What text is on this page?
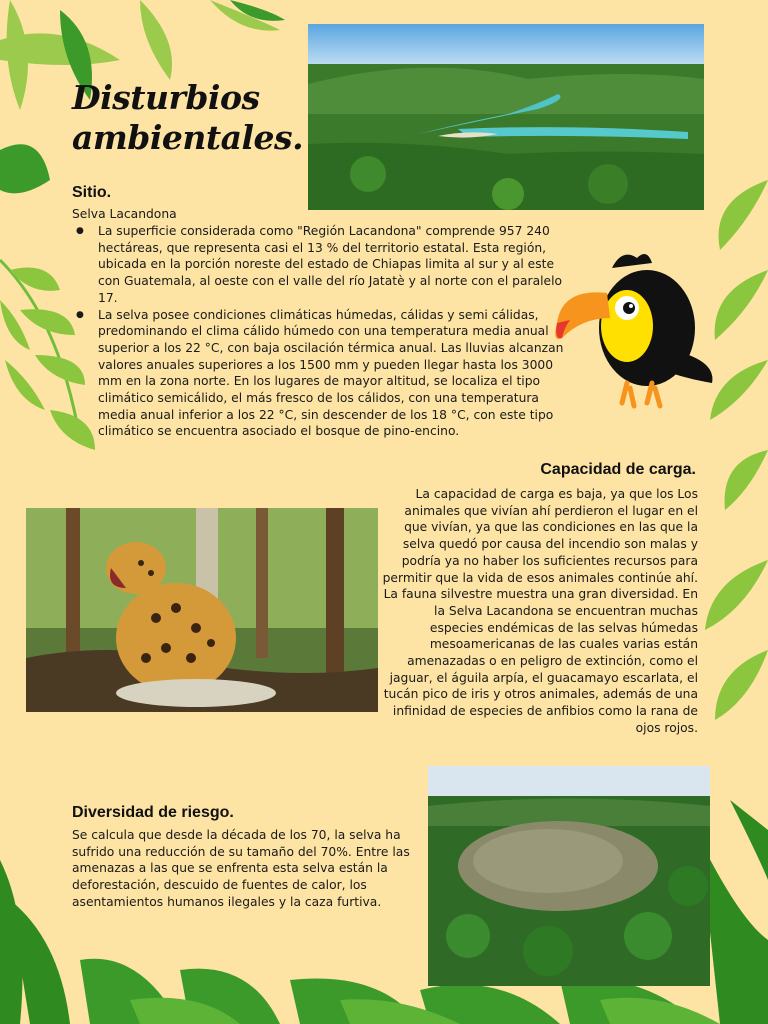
Disturbios ambientales.
Sitio.
Selva Lacandona
● La superficie considerada como "Región Lacandona" comprende 957 240 hectáreas, que representa casi el 13 % del territorio estatal. Esta región, ubicada en la porción noreste del estado de Chiapas limita al sur y al este con Guatemala, al oeste con el valle del río Jatatè y al norte con el paralelo 17.
● La selva posee condiciones climáticas húmedas, cálidas y semi cálidas, predominando el clima cálido húmedo con una temperatura media anual superior a los 22 °C, con baja oscilación térmica anual. Las lluvias alcanzan valores anuales superiores a los 1500 mm y pueden llegar hasta los 3000 mm en la zona norte. En los lugares de mayor altitud, se localiza el tipo climático semicálido, el más fresco de los cálidos, con una temperatura media anual inferior a los 22 °C, sin descender de los 18 °C, con este tipo climático se encuentra asociado el bosque de pino-encino.
Capacidad de carga.
La capacidad de carga es baja, ya que los Los animales que vivían ahí perdieron el lugar en el que vivían, ya que las condiciones en las que la selva quedó por causa del incendio son malas y podría ya no haber los suficientes recursos para permitir que la vida de esos animales continúe ahí.
La fauna silvestre muestra una gran diversidad. En la Selva Lacandona se encuentran muchas especies endémicas de las selvas húmedas mesoamericanas de las cuales varias están amenazadas o en peligro de extinción, como el jaguar, el águila arpía, el guacamayo escarlata, el tucán pico de iris y otros animales, además de una infinidad de especies de anfibios como la rana de ojos rojos.
Diversidad de riesgo.
Se calcula que desde la década de los 70, la selva ha sufrido una reducción de su tamaño del 70%. Entre las amenazas a las que se enfrenta esta selva están la deforestación, descuido de fuentes de calor, los asentamientos humanos ilegales y la caza furtiva.
